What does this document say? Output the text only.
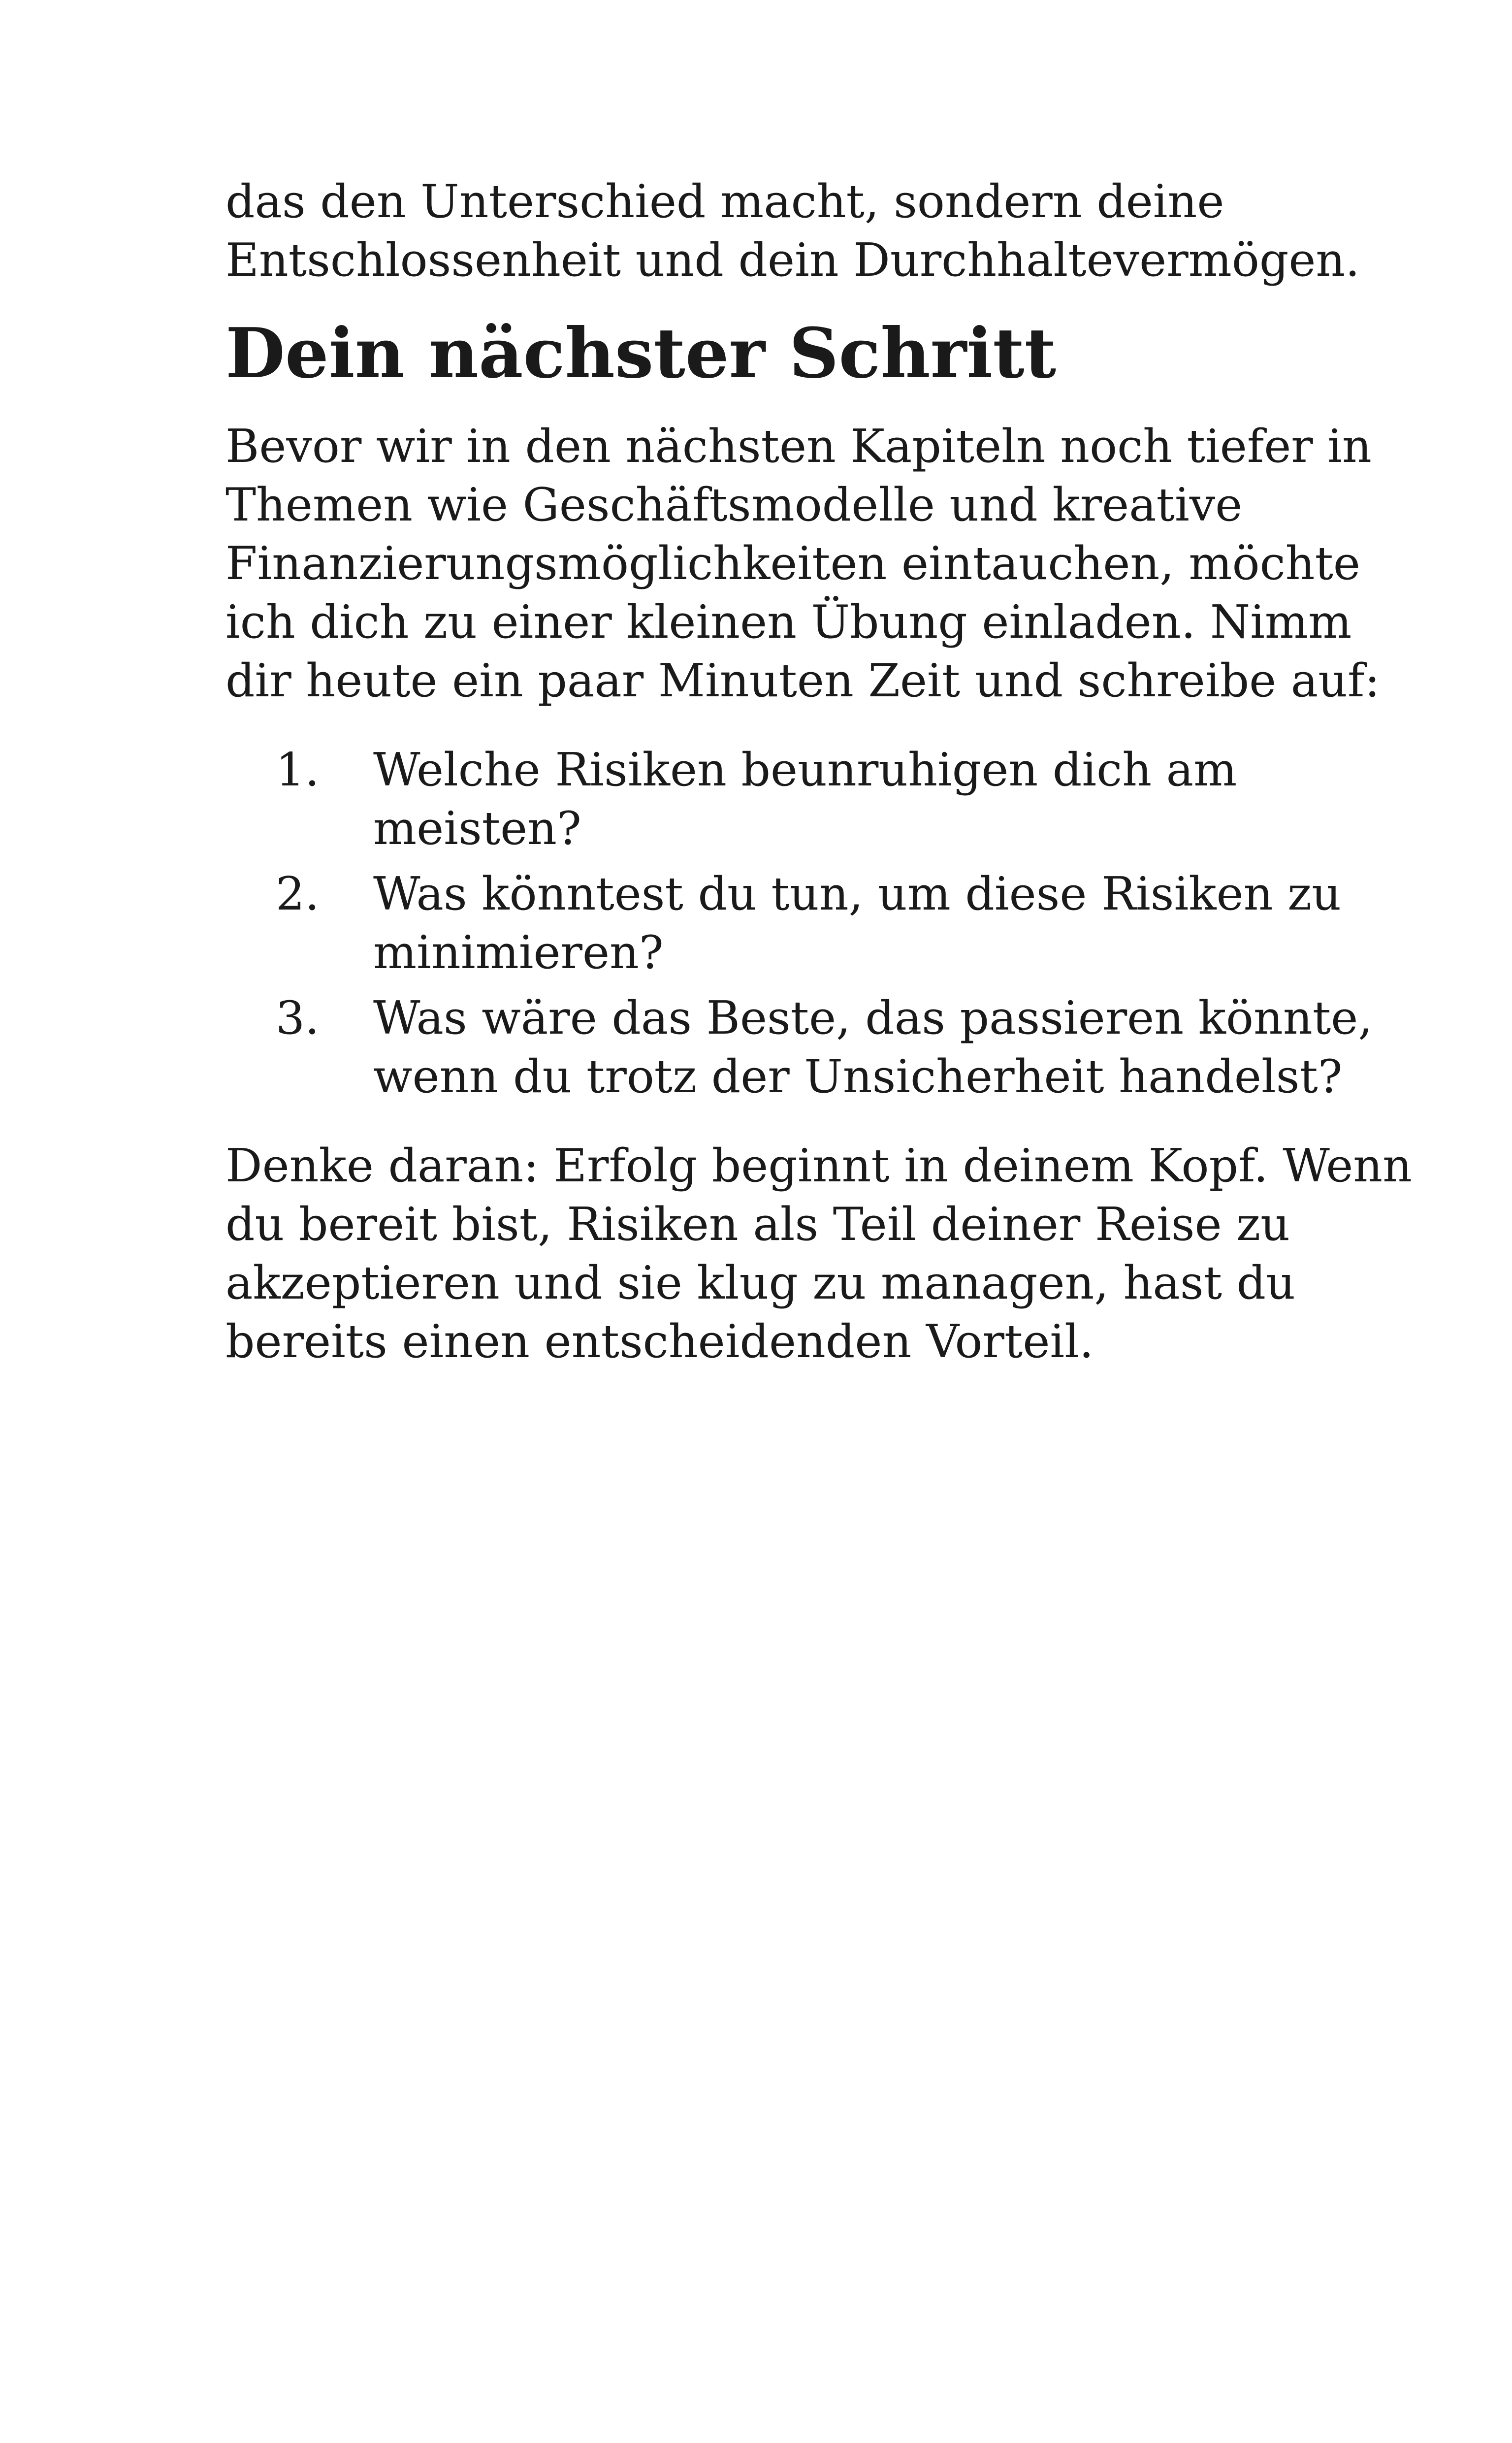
das den Unterschied macht, sondern deine
Entschlossenheit und dein Durchhaltevermögen.

Dein nächster Schritt

Bevor wir in den nächsten Kapiteln noch tiefer in
Themen wie Geschäftsmodelle und kreative
Finanzierungsmöglichkeiten eintauchen, möchte
ich dich zu einer kleinen Übung einladen. Nimm
dir heute ein paar Minuten Zeit und schreibe auf:

1. Welche Risiken beunruhigen dich am
meisten?
2. Was könntest du tun, um diese Risiken zu
minimieren?
3. Was wäre das Beste, das passieren könnte,
wenn du trotz der Unsicherheit handelst?

Denke daran: Erfolg beginnt in deinem Kopf. Wenn
du bereit bist, Risiken als Teil deiner Reise zu
akzeptieren und sie klug zu managen, hast du
bereits einen entscheidenden Vorteil.
